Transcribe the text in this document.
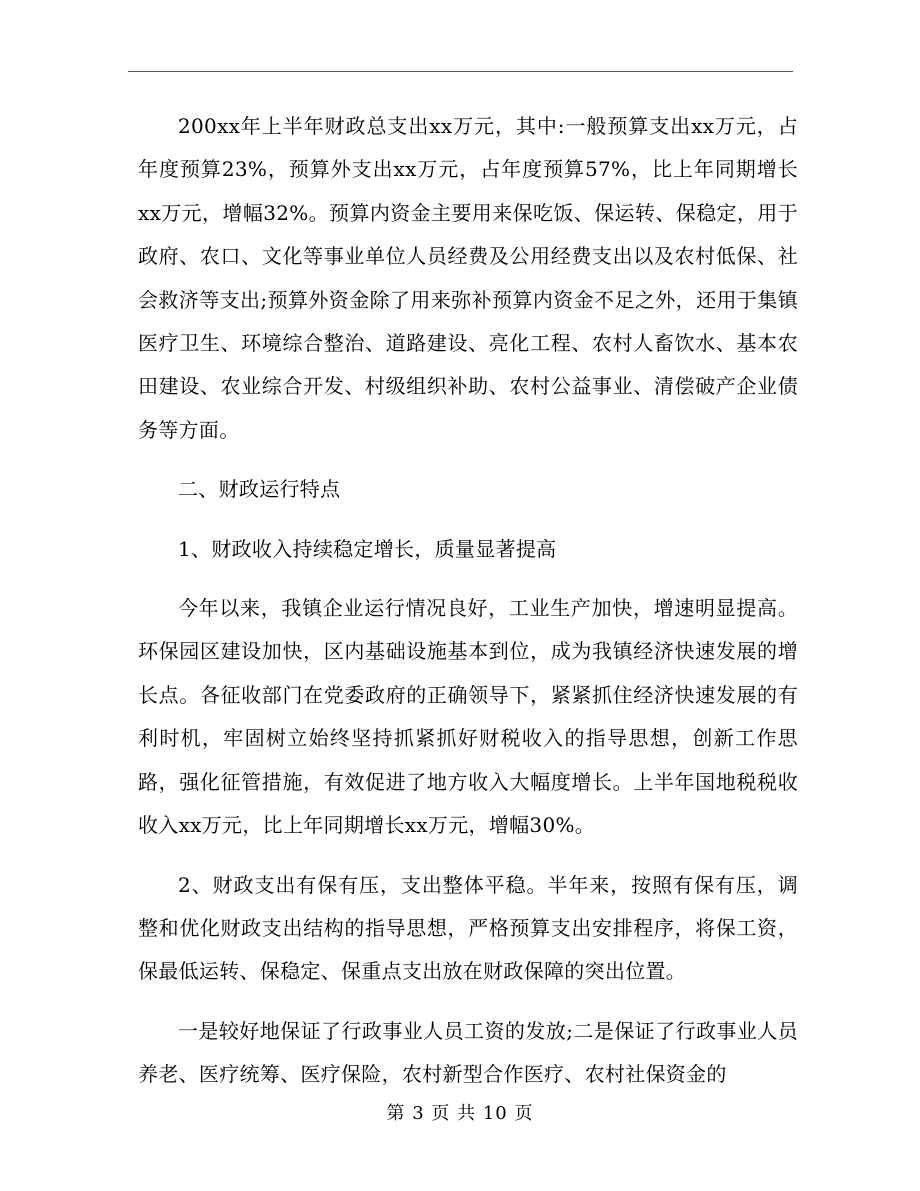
200xx年上半年财政总支出xx万元，其中:一般预算支出xx万元，占年度预算23%，预算外支出xx万元，占年度预算57%，比上年同期增长xx万元，增幅32%。预算内资金主要用来保吃饭、保运转、保稳定，用于政府、农口、文化等事业单位人员经费及公用经费支出以及农村低保、社会救济等支出;预算外资金除了用来弥补预算内资金不足之外，还用于集镇医疗卫生、环境综合整治、道路建设、亮化工程、农村人畜饮水、基本农田建设、农业综合开发、村级组织补助、农村公益事业、清偿破产企业债务等方面。

二、财政运行特点

1、财政收入持续稳定增长，质量显著提高

今年以来，我镇企业运行情况良好，工业生产加快，增速明显提高。环保园区建设加快，区内基础设施基本到位，成为我镇经济快速发展的增长点。各征收部门在党委政府的正确领导下，紧紧抓住经济快速发展的有利时机，牢固树立始终坚持抓紧抓好财税收入的指导思想，创新工作思路，强化征管措施，有效促进了地方收入大幅度增长。上半年国地税税收收入xx万元，比上年同期增长xx万元，增幅30%。

2、财政支出有保有压，支出整体平稳。半年来，按照有保有压，调整和优化财政支出结构的指导思想，严格预算支出安排程序，将保工资，保最低运转、保稳定、保重点支出放在财政保障的突出位置。

一是较好地保证了行政事业人员工资的发放;二是保证了行政事业人员养老、医疗统筹、医疗保险，农村新型合作医疗、农村社保资金的

第 3 页 共 10 页
